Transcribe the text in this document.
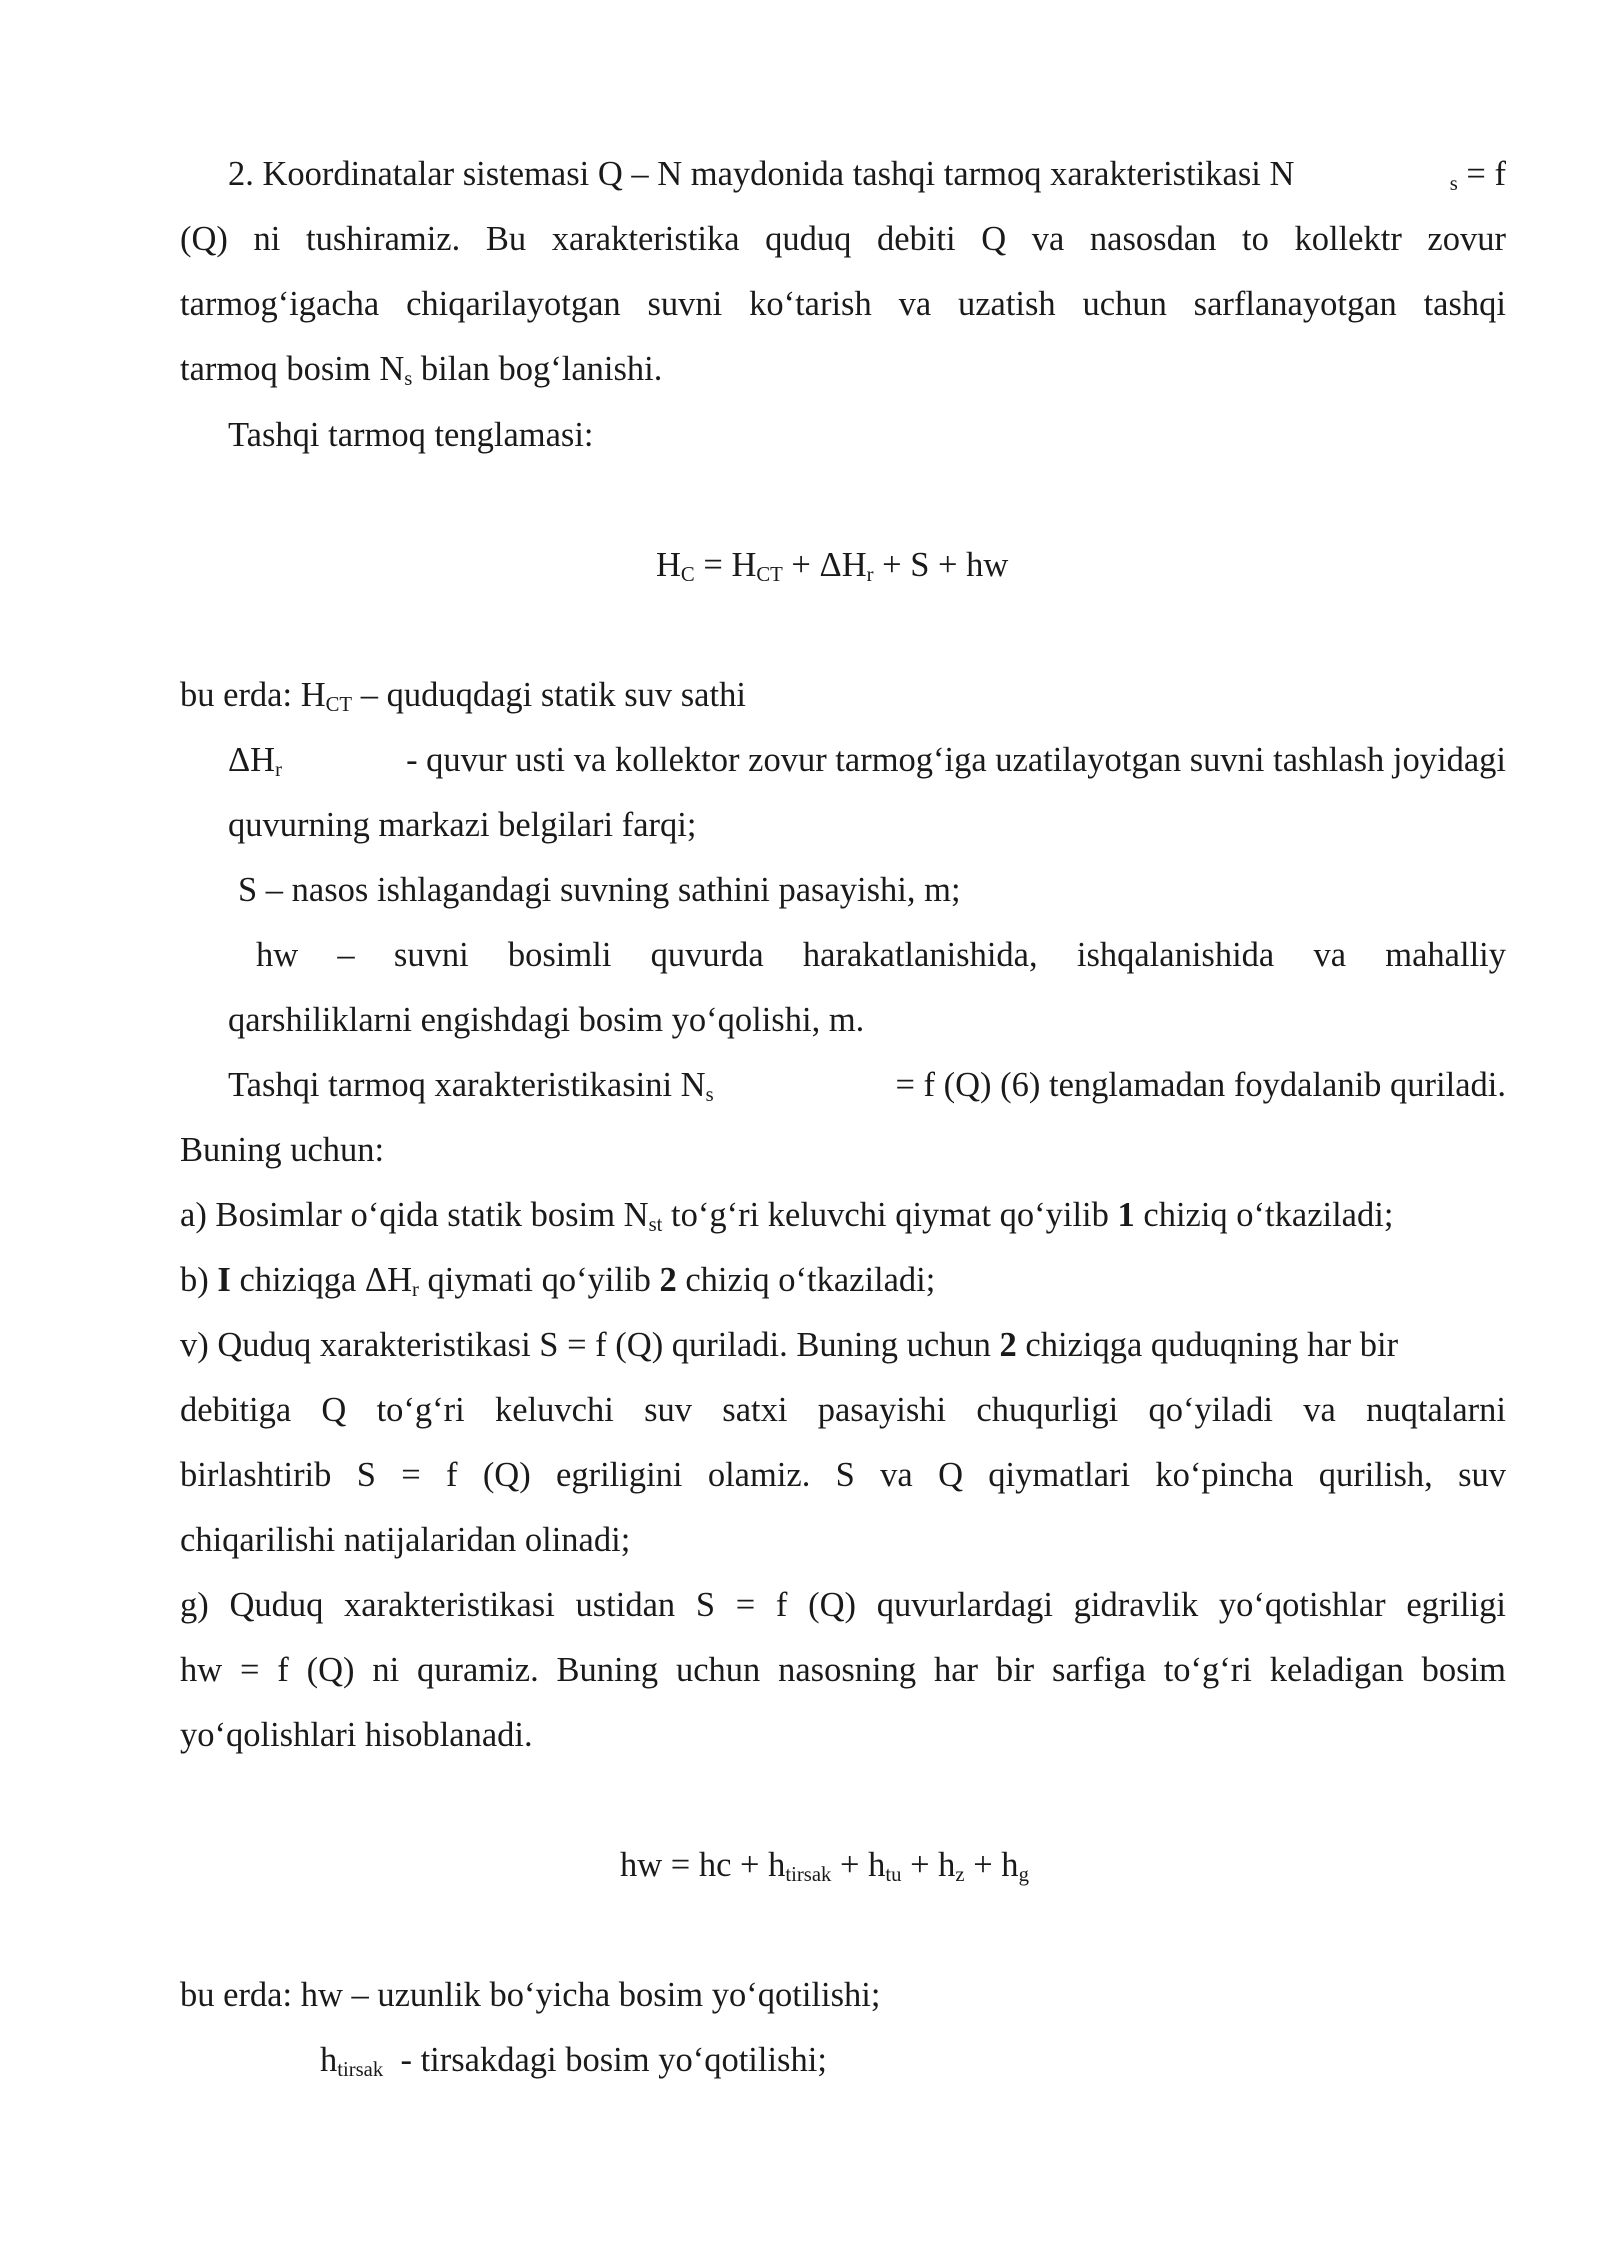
2. Koordinatalar sistemasi Q – N maydonida tashqi tarmoq xarakteristikasi N	$_s$ = f
(Q) ni tushiramiz. Bu xarakteristika quduq debiti Q va nasosdan to kollektr zovur
tarmog‘igacha chiqarilayotgan suvni ko‘tarish va uzatish uchun sarflanayotgan tashqi
tarmoq bosim $N_s$ bilan bog‘lanishi.
Tashqi tarmoq tenglamasi:
$H_C = H_{CT} + \Delta H_r + S$ + hw
bu erda: $H_{CT}$ – quduqdagi statik suv sathi
$\Delta H_r$	- quvur usti va kollektor zovur tarmog‘iga uzatilayotgan suvni tashlash joyidagi
quvurning markazi belgilari farqi;
S – nasos ishlagandagi suvning sathini pasayishi, m;
hw – suvni bosimli quvurda harakatlanishida, ishqalanishida va mahalliy
qarshiliklarni engishdagi bosim yo‘qolishi, m.
Tashqi tarmoq xarakteristikasini $N_s$	= f (Q) (6) tenglamadan foydalanib quriladi.
Buning uchun:
a) Bosimlar o‘qida statik bosim $N_{st}$ to‘g‘ri keluvchi qiymat qo‘yilib 1 chiziq o‘tkaziladi;
b) I chiziqga $\Delta H_r$ qiymati qo‘yilib 2 chiziq o‘tkaziladi;
v) Quduq xarakteristikasi S = f (Q) quriladi. Buning uchun 2 chiziqga quduqning har bir
debitiga Q to‘g‘ri keluvchi suv satxi pasayishi chuqurligi qo‘yiladi va nuqtalarni
birlashtirib S = f (Q) egriligini olamiz. S va Q qiymatlari ko‘pincha qurilish, suv
chiqarilishi natijalaridan olinadi;
g) Quduq xarakteristikasi ustidan S = f (Q) quvurlardagi gidravlik yo‘qotishlar egriligi
hw = f (Q) ni quramiz. Buning uchun nasosning har bir sarfiga to‘g‘ri keladigan bosim
yo‘qolishlari hisoblanadi.
hw = hc + $h_{tirsak} + h_{tu} + h_z + h_g$
bu erda: hw – uzunlik bo‘yicha bosim yo‘qotilishi;
$h_{tirsak}$  - tirsakdagi bosim yo‘qotilishi;
